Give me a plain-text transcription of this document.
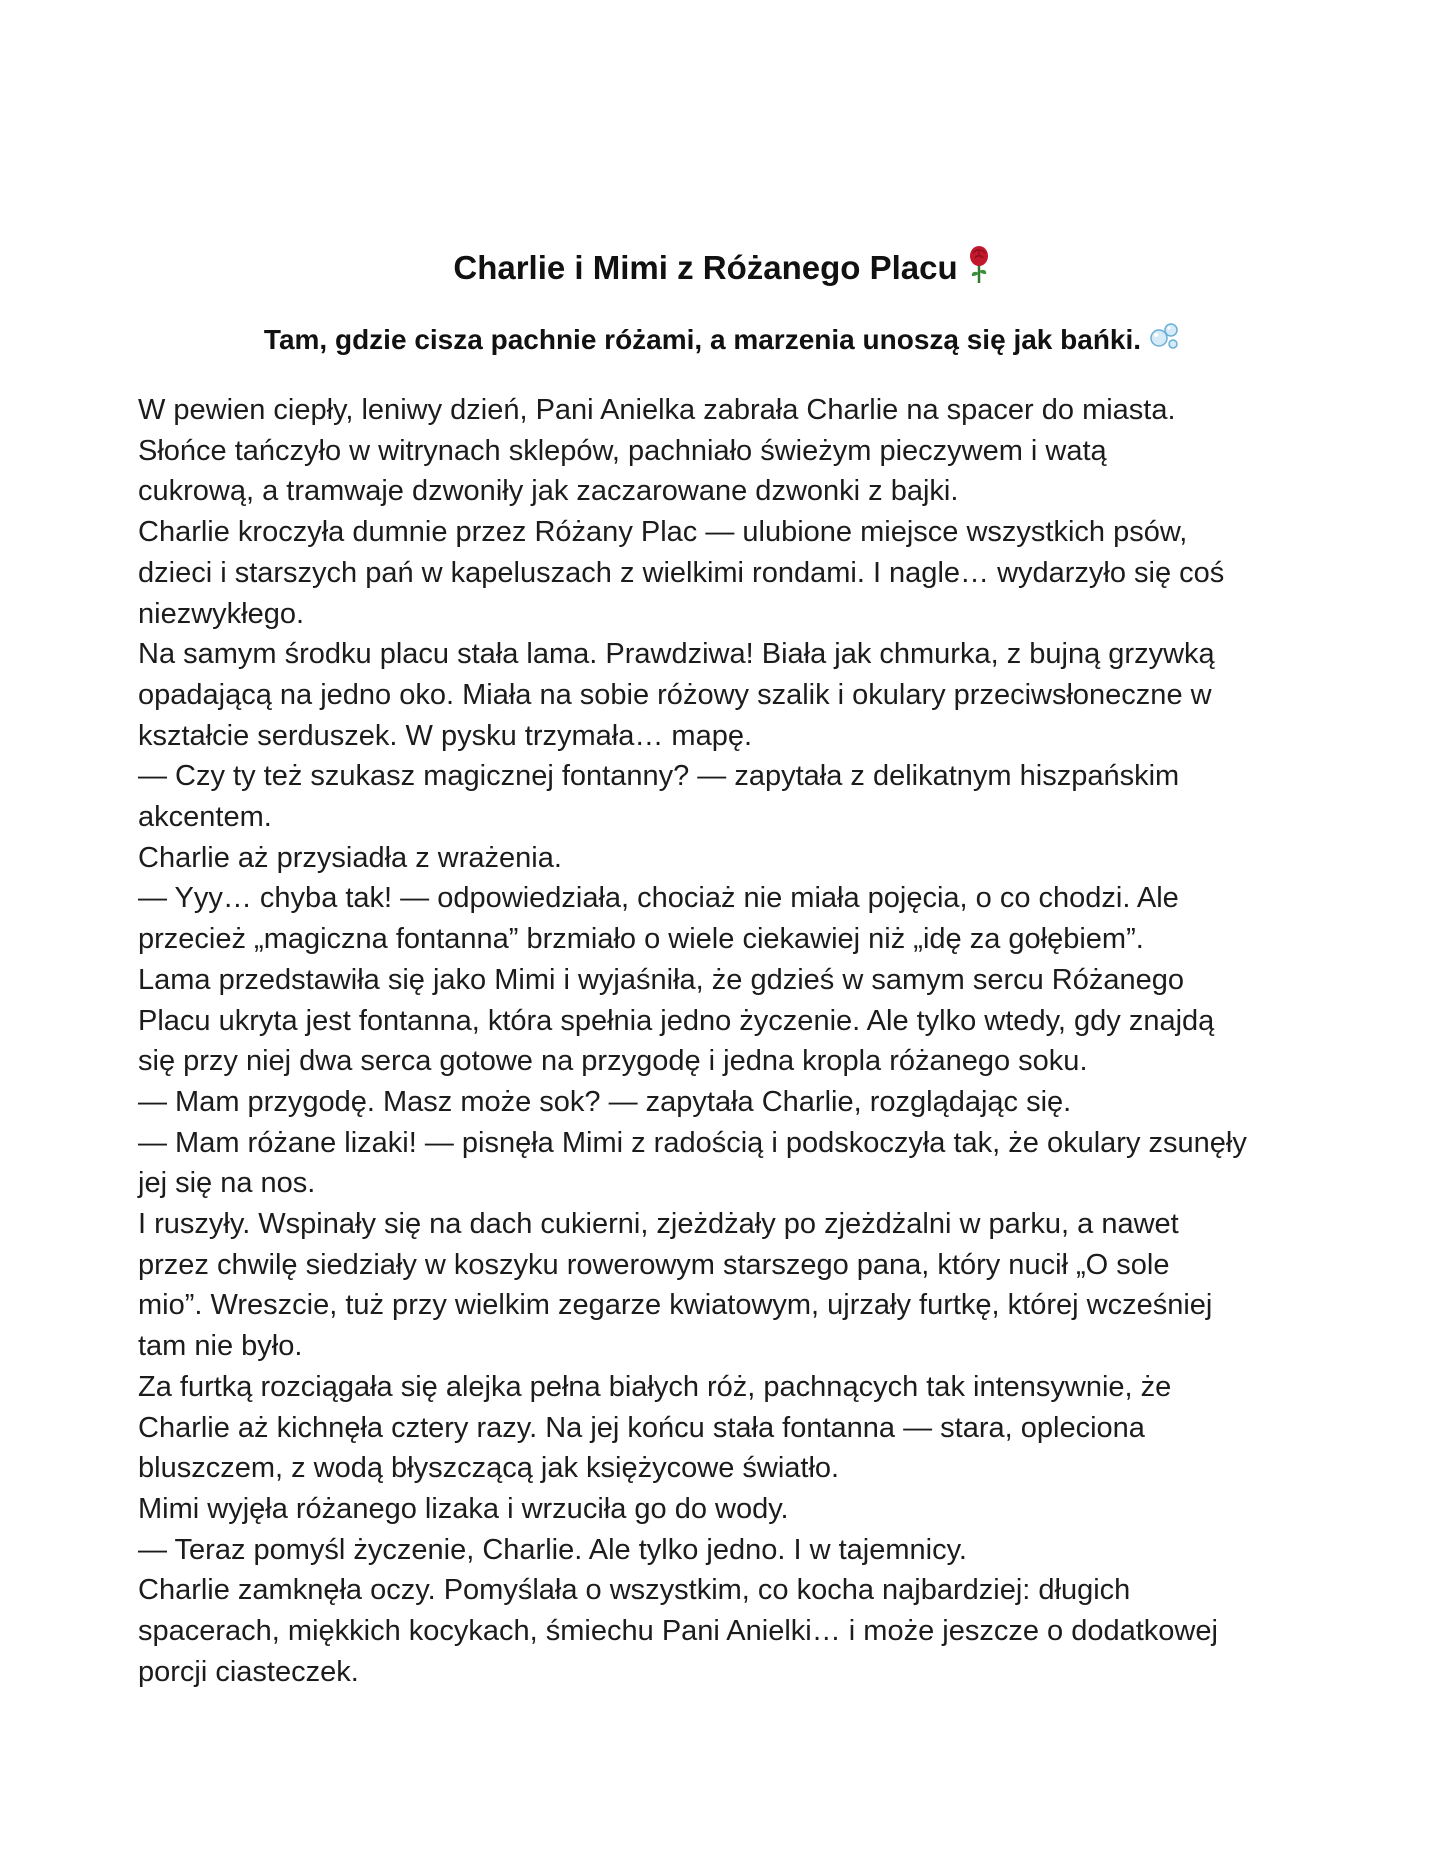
Charlie i Mimi z Różanego Placu
Tam, gdzie cisza pachnie różami, a marzenia unoszą się jak bańki.
W pewien ciepły, leniwy dzień, Pani Anielka zabrała Charlie na spacer do miasta.
Słońce tańczyło w witrynach sklepów, pachniało świeżym pieczywem i watą
cukrową, a tramwaje dzwoniły jak zaczarowane dzwonki z bajki.
Charlie kroczyła dumnie przez Różany Plac — ulubione miejsce wszystkich psów,
dzieci i starszych pań w kapeluszach z wielkimi rondami. I nagle… wydarzyło się coś
niezwykłego.
Na samym środku placu stała lama. Prawdziwa! Biała jak chmurka, z bujną grzywką
opadającą na jedno oko. Miała na sobie różowy szalik i okulary przeciwsłoneczne w
kształcie serduszek. W pysku trzymała… mapę.
— Czy ty też szukasz magicznej fontanny? — zapytała z delikatnym hiszpańskim
akcentem.
Charlie aż przysiadła z wrażenia.
— Yyy… chyba tak! — odpowiedziała, chociaż nie miała pojęcia, o co chodzi. Ale
przecież „magiczna fontanna” brzmiało o wiele ciekawiej niż „idę za gołębiem”.
Lama przedstawiła się jako Mimi i wyjaśniła, że gdzieś w samym sercu Różanego
Placu ukryta jest fontanna, która spełnia jedno życzenie. Ale tylko wtedy, gdy znajdą
się przy niej dwa serca gotowe na przygodę i jedna kropla różanego soku.
— Mam przygodę. Masz może sok? — zapytała Charlie, rozglądając się.
— Mam różane lizaki! — pisnęła Mimi z radością i podskoczyła tak, że okulary zsunęły
jej się na nos.
I ruszyły. Wspinały się na dach cukierni, zjeżdżały po zjeżdżalni w parku, a nawet
przez chwilę siedziały w koszyku rowerowym starszego pana, który nucił „O sole
mio”. Wreszcie, tuż przy wielkim zegarze kwiatowym, ujrzały furtkę, której wcześniej
tam nie było.
Za furtką rozciągała się alejka pełna białych róż, pachnących tak intensywnie, że
Charlie aż kichnęła cztery razy. Na jej końcu stała fontanna — stara, opleciona
bluszczem, z wodą błyszczącą jak księżycowe światło.
Mimi wyjęła różanego lizaka i wrzuciła go do wody.
— Teraz pomyśl życzenie, Charlie. Ale tylko jedno. I w tajemnicy.
Charlie zamknęła oczy. Pomyślała o wszystkim, co kocha najbardziej: długich
spacerach, miękkich kocykach, śmiechu Pani Anielki… i może jeszcze o dodatkowej
porcji ciasteczek.
